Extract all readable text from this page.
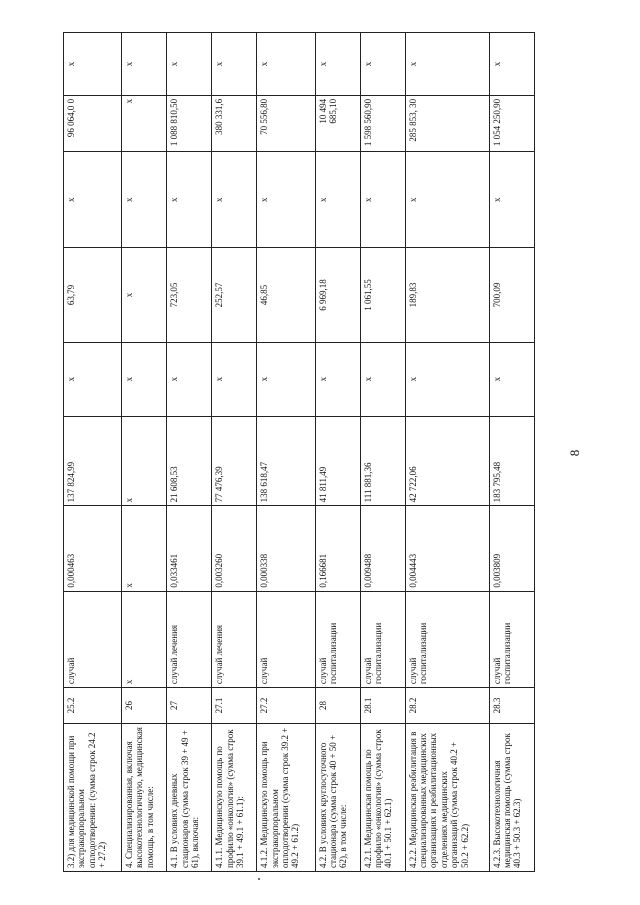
8
3.2) для медицинской помощи при экстракорпоральном оплодотворении: (сумма строк 24.2 + 27.2)	25.2	случай	0,000463	137 824,99	х	63,79	х	96 064,0 0	х
4. Специализированная, включая высокотехнологичную, медицинская помощь, в том числе:	26	х	х	х	х	х	х	х	х
4.1. В условиях дневных стационаров (сумма строк 39 + 49 + 61), включая:	27	случай лечения	0,033461	21 608,53	х	723,05	х	1 088 810,50	х
4.1.1. Медицинскую помощь по профилю «онкология» (сумма строк 39.1 + 49.1 + 61.1):	27.1	случай лечения	0,003260	77 476,39	х	252,57	х	380 331,6	х
4.1.2. Медицинскую помощь при экстракорпоральном оплодотворении (сумма строк 39.2 + 49.2 + 61.2)	27.2	случай	0,000338	138 618,47	х	46,85	х	70 556,80	х
4.2. В условиях круглосуточного стационара (сумма строк 40 + 50 + 62), в том числе:	28	случай госпитализации	0,166681	41 811,49	х	6 969,18	х	10 494 685,10	х
4.2.1. Медицинская помощь по профилю «онкология» (сумма строк 40.1 + 50.1 + 62.1)	28.1	случай госпитализации	0,009488	111 881,36	х	1 061,55	х	1 598 560,90	х
4.2.2. Медицинская реабилитация в специализированных медицинских организациях и реабилитационных отделениях медицинских организаций (сумма строк 40.2 + 50.2 + 62.2)	28.2	случай госпитализации	0,004443	42 722,06	х	189,83	х	285 853, 30	х
4.2.3. Высокотехнологичная медицинская помощь (сумма строк 40.3 + 50.3 + 62.3)	28.3	случай госпитализации	0,003809	183 795,48	х	700,09	х	1 054 250,90	х
